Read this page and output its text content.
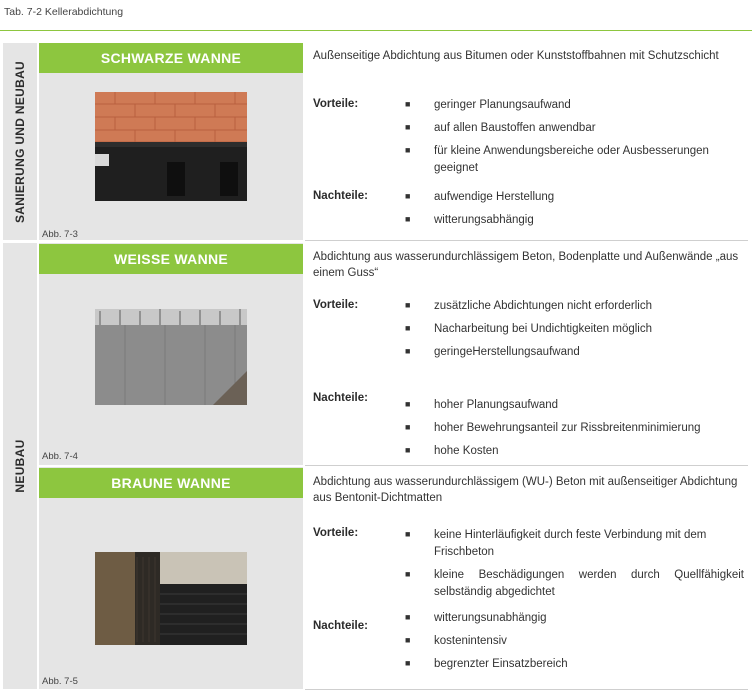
Tab. 7-2 Kellerabdichtung
SANIERUNG UND NEUBAU
NEUBAU
SCHWARZE WANNE
Abb. 7-3
Außenseitige Abdichtung aus Bitumen oder Kunststoffbahnen mit Schutzschicht
Vorteile:	■ geringer Planungsaufwand
■ auf allen Baustoffen anwendbar
■ für kleine Anwendungsbereiche oder Ausbesserungen geeignet
Nachteile:	■ aufwendige Herstellung
■ witterungsabhängig
WEISSE WANNE
Abb. 7-4
Abdichtung aus wasserundurchlässigem Beton, Bodenplatte und Außenwände „aus einem Guss“
Vorteile:	■ zusätzliche Abdichtungen nicht erforderlich
■ Nacharbeitung bei Undichtigkeiten möglich
■ geringeHerstellungsaufwand
Nachteile:	■ hoher Planungsaufwand
■ hoher Bewehrungsanteil zur Rissbreitenminimierung
■ hohe Kosten
BRAUNE WANNE
Abb. 7-5
Abdichtung aus wasserundurchlässigem (WU-) Beton mit außenseitiger Abdichtung aus Bentonit-Dichtmatten
Vorteile:	■ keine Hinterläufigkeit durch feste Verbindung mit dem Frischbeton
■ kleine Beschädigungen werden durch Quellfähigkeit selbständig abgedichtet
Nachteile:
■ witterungsunabhängig
■ kostenintensiv
■ begrenzter Einsatzbereich
